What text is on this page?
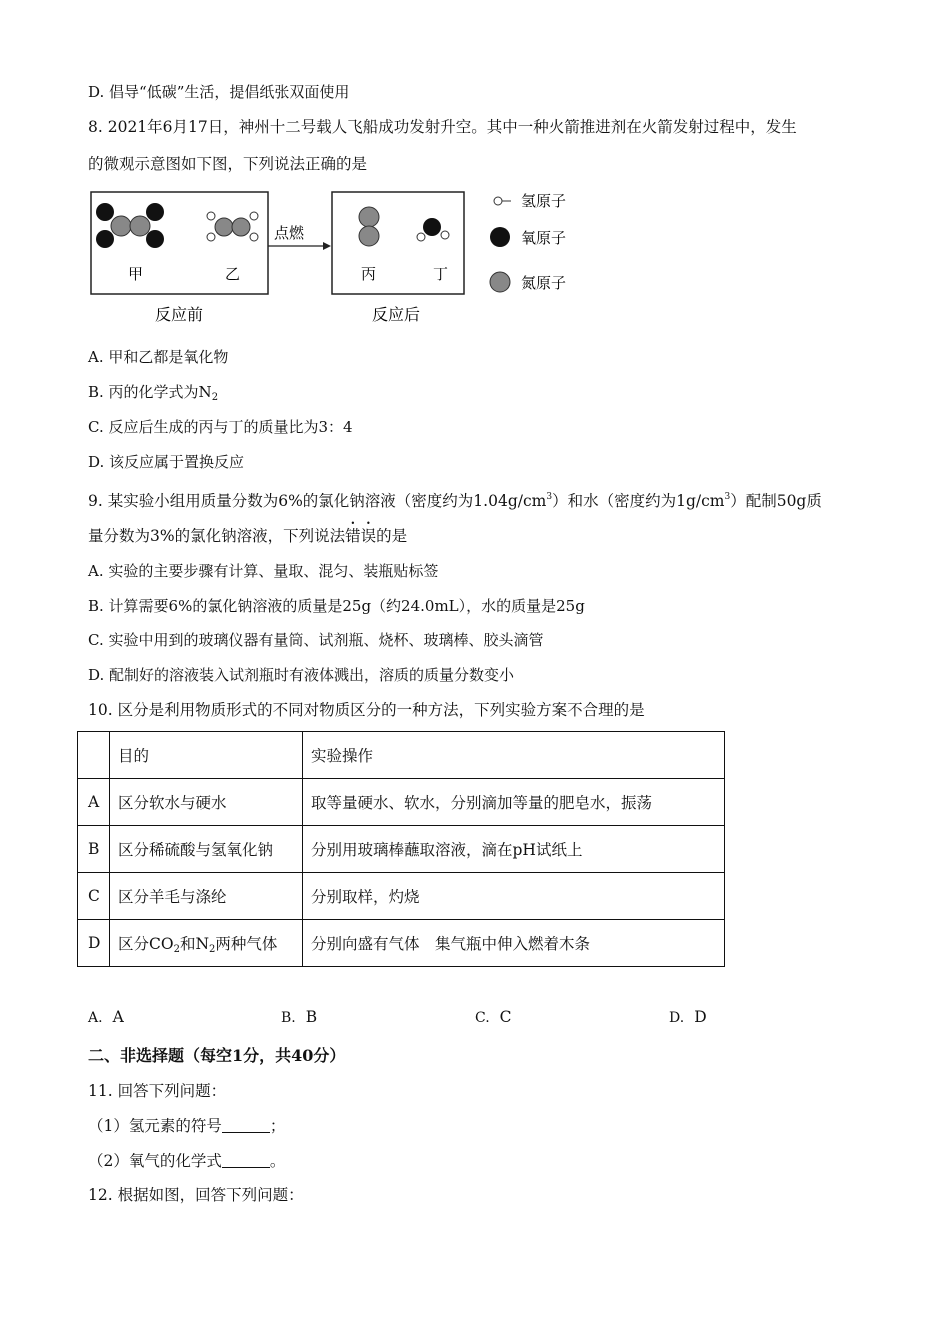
D. 倡导“低碳”生活，提倡纸张双面使用
8. 2021年6月17日，神州十二号载人飞船成功发射升空。其中一种火箭推进剂在火箭发射过程中，发生
的微观示意图如下图，下列说法正确的是
甲	乙
点燃
丙	丁
反应前	反应后
氢原子
氧原子
氮原子
A. 甲和乙都是氧化物
B. 丙的化学式为$N_2$
C. 反应后生成的丙与丁的质量比为3：4
D. 该反应属于置换反应
9. 某实验小组用质量分数为6%的氯化钠溶液（密度约为$1.04g/cm^3$）和水（密度约为$1g/cm^3$）配制50g质
量分数为3%的氯化钠溶液，下列说法错误的是
A. 实验的主要步骤有计算、量取、混匀、装瓶贴标签
B. 计算需要6%的氯化钠溶液的质量是25g（约24.0mL），水的质量是25g
C. 实验中用到的玻璃仪器有量筒、试剂瓶、烧杯、玻璃棒、胶头滴管
D. 配制好的溶液装入试剂瓶时有液体溅出，溶质的质量分数变小
10. 区分是利用物质形式的不同对物质区分的一种方法，下列实验方案不合理的是
	目的	实验操作
A	区分软水与硬水	取等量硬水、软水，分别滴加等量的肥皂水，振荡
B	区分稀硫酸与氢氧化钠	分别用玻璃棒蘸取溶液，滴在pH试纸上
C	区分羊毛与涤纶	分别取样，灼烧
D	区分$CO_2$和$N_2$两种气体	分别向盛有气体　集气瓶中伸入燃着木条
A. A	B. B	C. C	D. D
二、非选择题（每空1分，共40分）
11. 回答下列问题：
（1）氢元素的符号	；
（2）氧气的化学式	。
12. 根据如图，回答下列问题：
